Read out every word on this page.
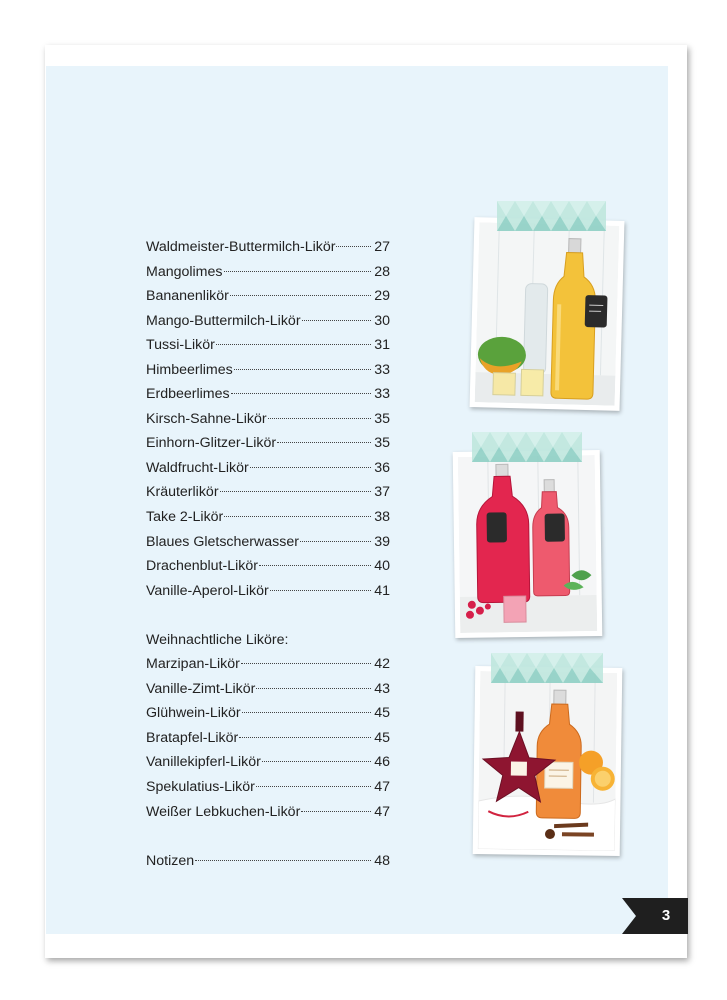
Waldmeister-Buttermilch-Likör	27
Mangolimes	28
Bananenlikör	29
Mango-Buttermilch-Likör	30
Tussi-Likör	31
Himbeerlimes	33
Erdbeerlimes	33
Kirsch-Sahne-Likör	35
Einhorn-Glitzer-Likör	35
Waldfrucht-Likör	36
Kräuterlikör	37
Take 2-Likör	38
Blaues Gletscherwasser	39
Drachenblut-Likör	40
Vanille-Aperol-Likör	41
Weihnachtliche Liköre:
Marzipan-Likör	42
Vanille-Zimt-Likör	43
Glühwein-Likör	45
Bratapfel-Likör	45
Vanillekipferl-Likör	46
Spekulatius-Likör	47
Weißer Lebkuchen-Likör	47
Notizen	48
3
